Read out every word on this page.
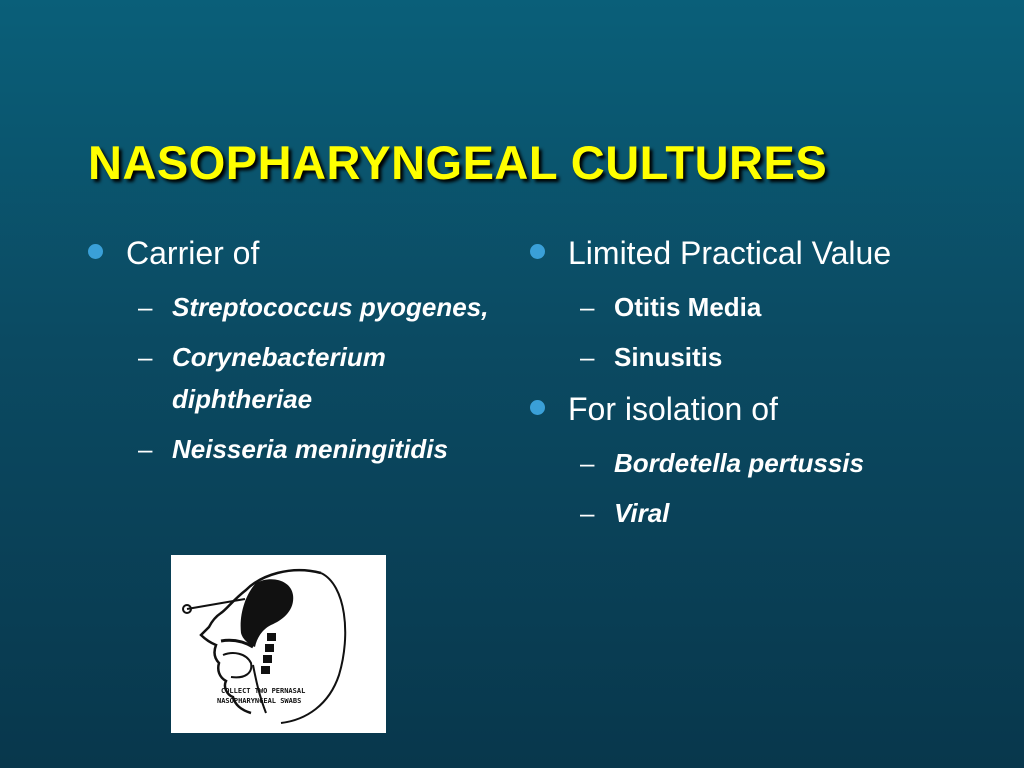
NASOPHARYNGEAL CULTURES
Carrier of
– Streptococcus pyogenes,
– Corynebacterium diphtheriae
– Neisseria meningitidis
Limited Practical Value
– Otitis Media
– Sinusitis
For isolation of
– Bordetella pertussis
– Viral
COLLECT TWO PERNASAL
NASOPHARYNGEAL SWABS
